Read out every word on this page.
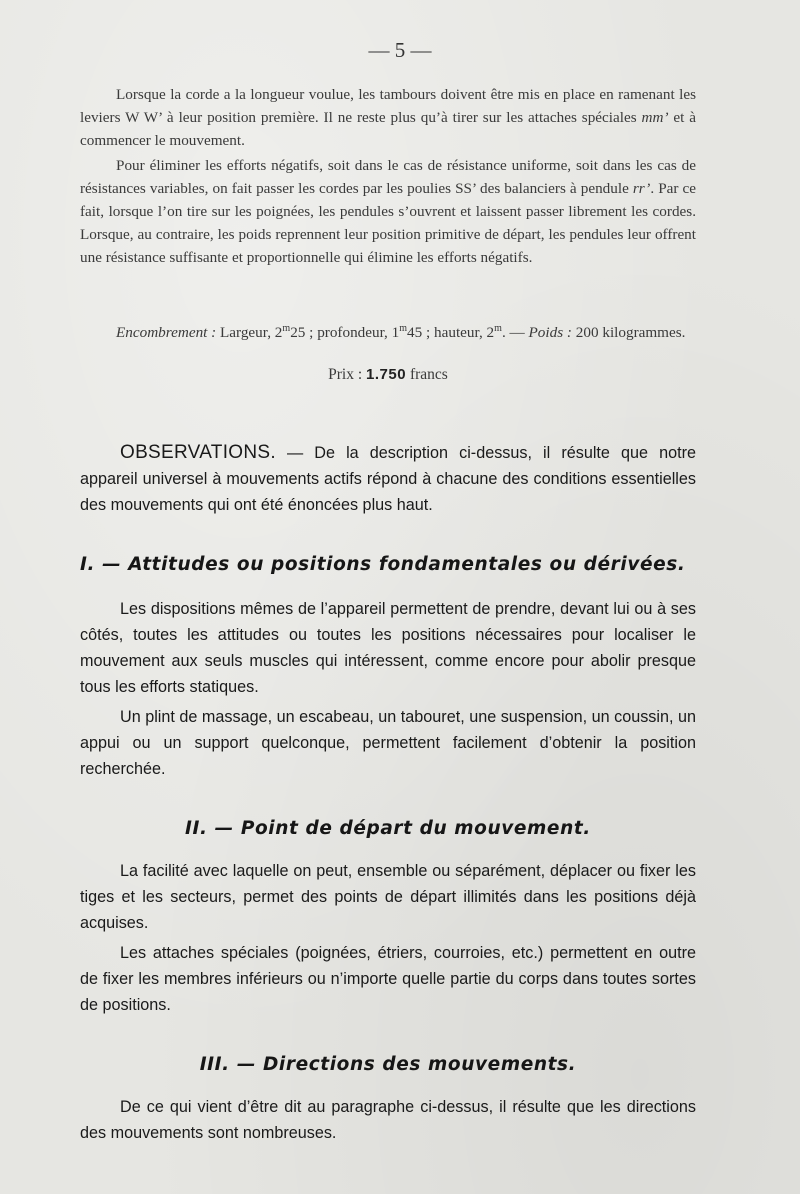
— 5 —

Lorsque la corde a la longueur voulue, les tambours doivent être mis en place en ramenant les leviers W W’ à leur position première. Il ne reste plus qu’à tirer sur les attaches spéciales mm’ et à commencer le mouvement.

Pour éliminer les efforts négatifs, soit dans le cas de résistance uniforme, soit dans les cas de résistances variables, on fait passer les cordes par les poulies SS’ des balanciers à pendule rr’. Par ce fait, lorsque l’on tire sur les poignées, les pendules s’ouvrent et laissent passer librement les cordes. Lorsque, au contraire, les poids reprennent leur position primitive de départ, les pendules leur offrent une résistance suffisante et proportionnelle qui élimine les efforts négatifs.

Encombrement : Largeur, 2$^m$25 ; profondeur, 1$^m$45 ; hauteur, 2$^m$. — Poids : 200 kilogrammes.

Prix : 1.750 francs

OBSERVATIONS. — De la description ci-dessus, il résulte que notre appareil universel à mouvements actifs répond à chacune des conditions essentielles des mouvements qui ont été énoncées plus haut.

I. — Attitudes ou positions fondamentales ou dérivées.

Les dispositions mêmes de l’appareil permettent de prendre, devant lui ou à ses côtés, toutes les attitudes ou toutes les positions nécessaires pour localiser le mouvement aux seuls muscles qui intéressent, comme encore pour abolir presque tous les efforts statiques.

Un plint de massage, un escabeau, un tabouret, une suspension, un coussin, un appui ou un support quelconque, permettent facilement d’obtenir la position recherchée.

II. — Point de départ du mouvement.

La facilité avec laquelle on peut, ensemble ou séparément, déplacer ou fixer les tiges et les secteurs, permet des points de départ illimités dans les positions déjà acquises.

Les attaches spéciales (poignées, étriers, courroies, etc.) permettent en outre de fixer les membres inférieurs ou n’importe quelle partie du corps dans toutes sortes de positions.

III. — Directions des mouvements.

De ce qui vient d’être dit au paragraphe ci-dessus, il résulte que les directions des mouvements sont nombreuses.
